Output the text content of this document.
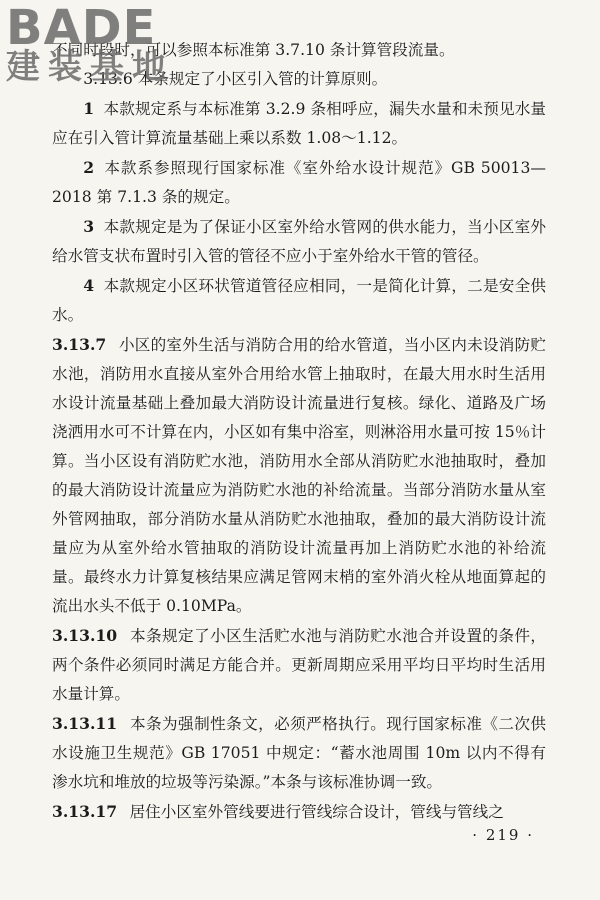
BADE
建装基地

不同时段时，可以参照本标准第 3.7.10 条计算管段流量。

3.13.6 本条规定了小区引入管的计算原则。

1 本款规定系与本标准第 3.2.9 条相呼应，漏失水量和未预见水量应在引入管计算流量基础上乘以系数 1.08～1.12。

2 本款系参照现行国家标准《室外给水设计规范》GB 50013—2018 第 7.1.3 条的规定。

3 本款规定是为了保证小区室外给水管网的供水能力，当小区室外给水管支状布置时引入管的管径不应小于室外给水干管的管径。

4 本款规定小区环状管道管径应相同，一是简化计算，二是安全供水。

3.13.7 小区的室外生活与消防合用的给水管道，当小区内未设消防贮水池，消防用水直接从室外合用给水管上抽取时，在最大用水时生活用水设计流量基础上叠加最大消防设计流量进行复核。绿化、道路及广场浇洒用水可不计算在内，小区如有集中浴室，则淋浴用水量可按 15％计算。当小区设有消防贮水池，消防用水全部从消防贮水池抽取时，叠加的最大消防设计流量应为消防贮水池的补给流量。当部分消防水量从室外管网抽取，部分消防水量从消防贮水池抽取，叠加的最大消防设计流量应为从室外给水管抽取的消防设计流量再加上消防贮水池的补给流量。最终水力计算复核结果应满足管网末梢的室外消火栓从地面算起的流出水头不低于 0.10MPa。

3.13.10 本条规定了小区生活贮水池与消防贮水池合并设置的条件，两个条件必须同时满足方能合并。更新周期应采用平均日平均时生活用水量计算。

3.13.11 本条为强制性条文，必须严格执行。现行国家标准《二次供水设施卫生规范》GB 17051 中规定：“蓄水池周围 10m 以内不得有渗水坑和堆放的垃圾等污染源。”本条与该标准协调一致。

3.13.17 居住小区室外管线要进行管线综合设计，管线与管线之

· 219 ·
